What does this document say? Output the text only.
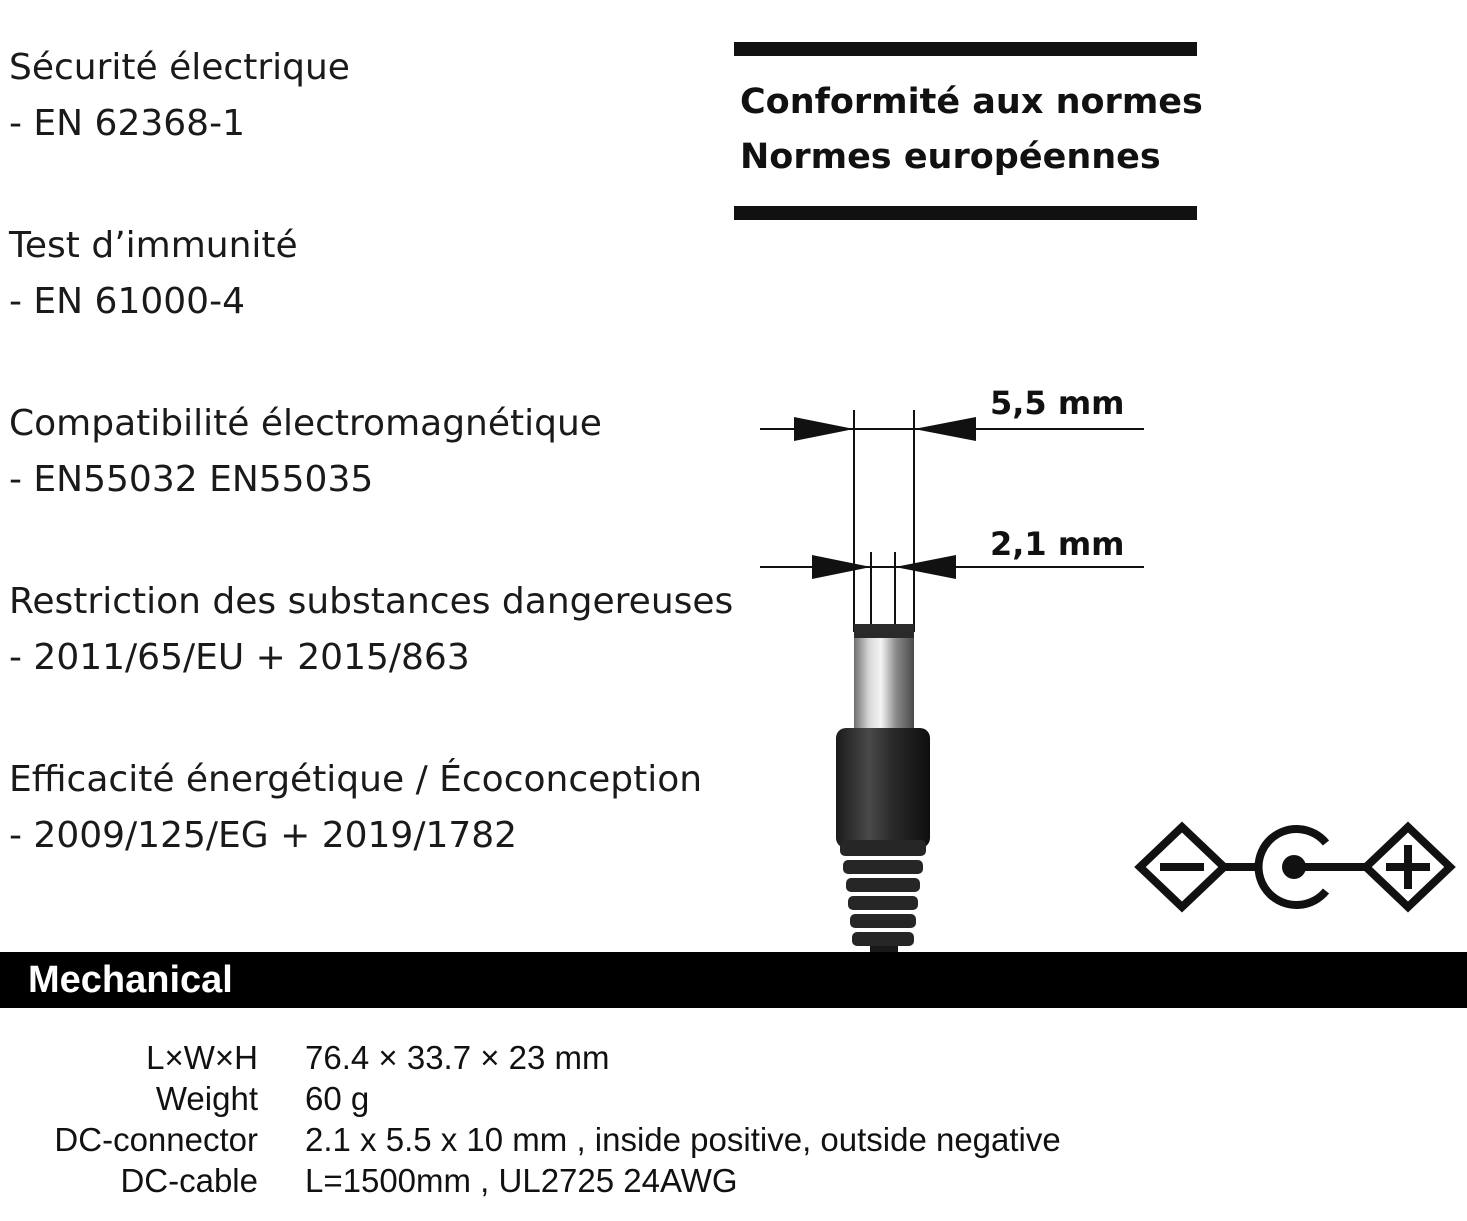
Sécurité électrique
- EN 62368-1
Test d’immunité
- EN 61000-4
Compatibilité électromagnétique
- EN55032 EN55035
Restriction des substances dangereuses
- 2011/65/EU + 2015/863
Efficacité énergétique / Écoconception
- 2009/125/EG + 2019/1782
Conformité aux normes
Normes européennes
5,5 mm
2,1 mm
Mechanical
L×W×H 76.4 × 33.7 × 23 mm
Weight 60 g
DC-connector 2.1 x 5.5 x 10 mm , inside positive, outside negative
DC-cable L=1500mm , UL2725 24AWG
